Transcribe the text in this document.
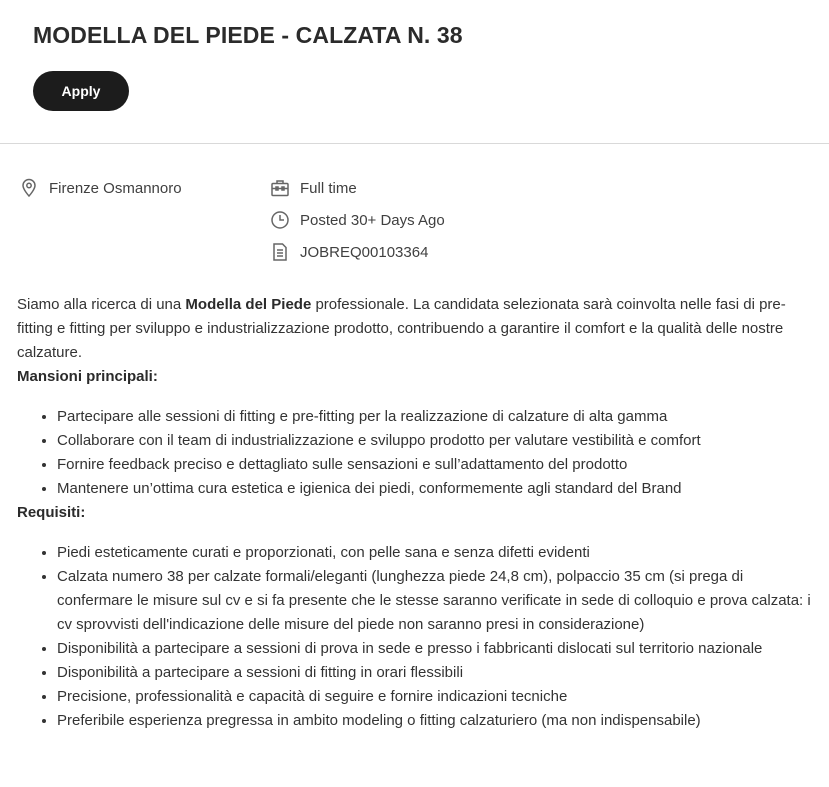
MODELLA DEL PIEDE - CALZATA N. 38
Apply
Firenze Osmannoro	Full time
Posted 30+ Days Ago
JOBREQ00103364

Siamo alla ricerca di una Modella del Piede professionale. La candidata selezionata sarà coinvolta nelle fasi di pre-fitting e fitting per sviluppo e industrializzazione prodotto, contribuendo a garantire il comfort e la qualità delle nostre calzature.

Mansioni principali:

• Partecipare alle sessioni di fitting e pre-fitting per la realizzazione di calzature di alta gamma
• Collaborare con il team di industrializzazione e sviluppo prodotto per valutare vestibilità e comfort
• Fornire feedback preciso e dettagliato sulle sensazioni e sull’adattamento del prodotto
• Mantenere un’ottima cura estetica e igienica dei piedi, conformemente agli standard del Brand

Requisiti:

• Piedi esteticamente curati e proporzionati, con pelle sana e senza difetti evidenti
• Calzata numero 38 per calzate formali/eleganti (lunghezza piede 24,8 cm), polpaccio 35 cm (si prega di confermare le misure sul cv e si fa presente che le stesse saranno verificate in sede di colloquio e prova calzata: i cv sprovvisti dell'indicazione delle misure del piede non saranno presi in considerazione)
• Disponibilità a partecipare a sessioni di prova in sede e presso i fabbricanti dislocati sul territorio nazionale
• Disponibilità a partecipare a sessioni di fitting in orari flessibili
• Precisione, professionalità e capacità di seguire e fornire indicazioni tecniche
• Preferibile esperienza pregressa in ambito modeling o fitting calzaturiero (ma non indispensabile)
